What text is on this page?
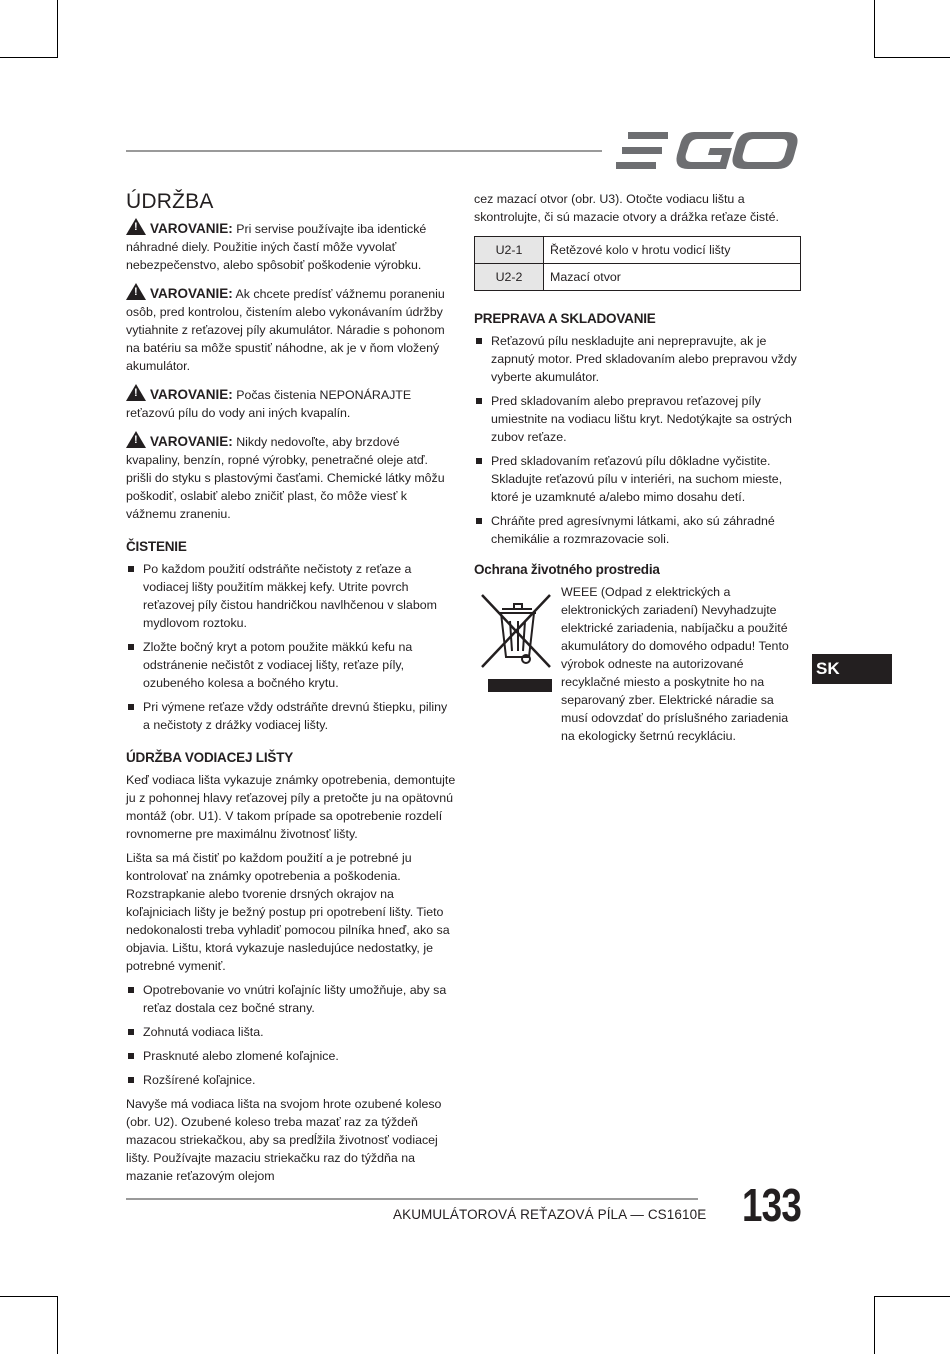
ÚDRŽBA

! VAROVANIE: Pri servise používajte iba identické náhradné diely. Použitie iných častí môže vyvolať nebezpečenstvo, alebo spôsobiť poškodenie výrobku.

! VAROVANIE: Ak chcete predísť vážnemu poraneniu osôb, pred kontrolou, čistením alebo vykonávaním údržby vytiahnite z reťazovej píly akumulátor. Náradie s pohonom na batériu sa môže spustiť náhodne, ak je v ňom vložený akumulátor.

! VAROVANIE: Počas čistenia NEPONÁRAJTE reťazovú pílu do vody ani iných kvapalín.

! VAROVANIE: Nikdy nedovoľte, aby brzdové kvapaliny, benzín, ropné výrobky, penetračné oleje atď. prišli do styku s plastovými časťami. Chemické látky môžu poškodiť, oslabiť alebo zničiť plast, čo môže viesť k vážnemu zraneniu.

ČISTENIE
Po každom použití odstráňte nečistoty z reťaze a vodiacej lišty použitím mäkkej kefy. Utrite povrch reťazovej píly čistou handričkou navlhčenou v slabom mydlovom roztoku.
Zložte bočný kryt a potom použite mäkkú kefu na odstránenie nečistôt z vodiacej lišty, reťaze píly, ozubeného kolesa a bočného krytu.
Pri výmene reťaze vždy odstráňte drevnú štiepku, piliny a nečistoty z drážky vodiacej lišty.
ÚDRŽBA VODIACEJ LIŠTY

Keď vodiaca lišta vykazuje známky opotrebenia, demontujte ju z pohonnej hlavy reťazovej píly a pretočte ju na opätovnú montáž (obr. U1). V takom prípade sa opotrebenie rozdelí rovnomerne pre maximálnu životnosť lišty.

Lišta sa má čistiť po každom použití a je potrebné ju kontrolovať na známky opotrebenia a poškodenia. Rozstrapkanie alebo tvorenie drsných okrajov na koľajniciach lišty je bežný postup pri opotrebení lišty. Tieto nedokonalosti treba vyhladiť pomocou pilníka hneď, ako sa objavia. Lištu, ktorá vykazuje nasledujúce nedostatky, je potrebné vymeniť.

Opotrebovanie vo vnútri koľajníc lišty umožňuje, aby sa reťaz dostala cez bočné strany.
Zohnutá vodiaca lišta.
Prasknuté alebo zlomené koľajnice.
Rozšírené koľajnice.

Navyše má vodiaca lišta na svojom hrote ozubené koleso (obr. U2). Ozubené koleso treba mazať raz za týždeň mazacou striekačkou, aby sa predĺžila životnosť vodiacej lišty. Používajte mazaciu striekačku raz do týždňa na mazanie reťazovým olejom

cez mazací otvor (obr. U3). Otočte vodiacu lištu a skontrolujte, či sú mazacie otvory a drážka reťaze čisté.

U2-1	Řetězové kolo v hrotu vodicí lišty
U2-2	Mazací otvor
PREPRAVA A SKLADOVANIE
Reťazovú pílu neskladujte ani neprepravujte, ak je zapnutý motor. Pred skladovaním alebo prepravou vždy vyberte akumulátor.
Pred skladovaním alebo prepravou reťazovej píly umiestnite na vodiacu lištu kryt. Nedotýkajte sa ostrých zubov reťaze.
Pred skladovaním reťazovú pílu dôkladne vyčistite. Skladujte reťazovú pílu v interiéri, na suchom mieste, ktoré je uzamknuté a/alebo mimo dosahu detí.
Chráňte pred agresívnymi látkami, ako sú záhradné chemikálie a rozmrazovacie soli.
Ochrana životného prostredia

WEEE (Odpad z elektrických a elektronických zariadení) Nevyhadzujte elektrické zariadenia, nabíjačku a použité akumulátory do domového odpadu! Tento výrobok odneste na autorizované recyklačné miesto a poskytnite ho na separovaný zber. Elektrické náradie sa musí odovzdať do príslušného zariadenia na ekologicky šetrnú recykláciu.

SK
AKUMULÁTOROVÁ REŤAZOVÁ PÍLA — CS1610E 133
